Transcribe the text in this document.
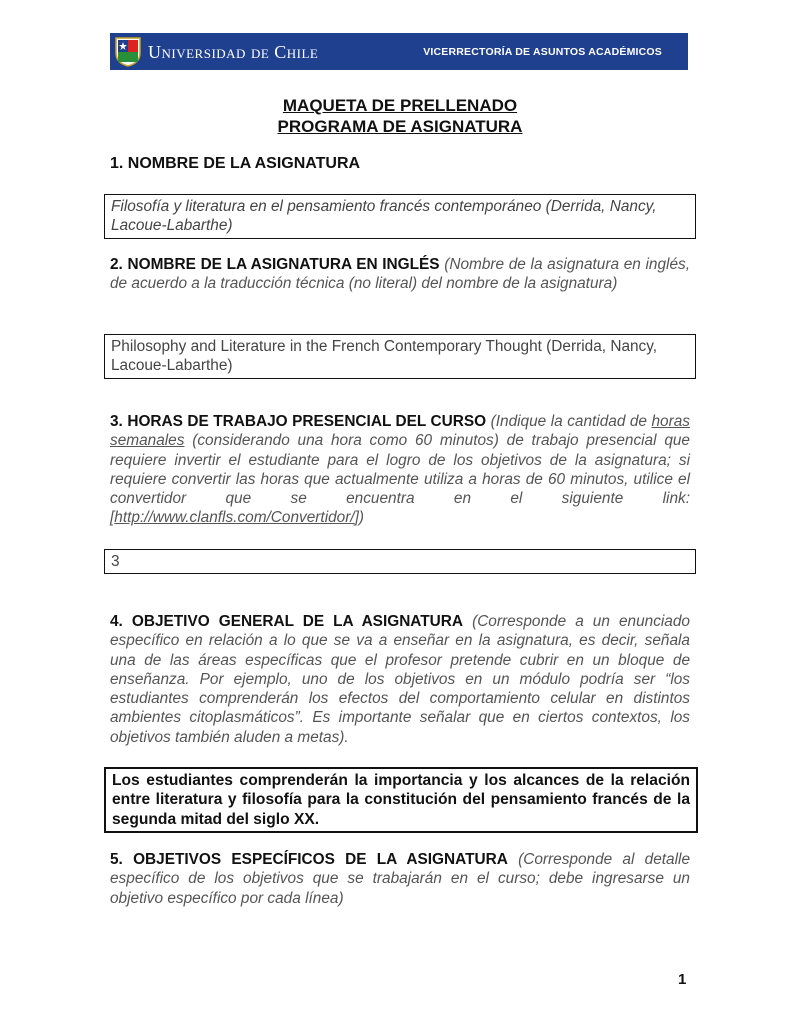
Universidad de Chile	VICERRECTORÍA DE ASUNTOS ACADÉMICOS
MAQUETA DE PRELLENADO
PROGRAMA DE ASIGNATURA
1. NOMBRE DE LA ASIGNATURA
Filosofía y literatura en el pensamiento francés contemporáneo (Derrida, Nancy, Lacoue-Labarthe)
2. NOMBRE DE LA ASIGNATURA EN INGLÉS (Nombre de la asignatura en inglés, de acuerdo a la traducción técnica (no literal) del nombre de la asignatura)
Philosophy and Literature in the French Contemporary Thought (Derrida, Nancy, Lacoue-Labarthe)
3. HORAS DE TRABAJO PRESENCIAL DEL CURSO (Indique la cantidad de horas semanales (considerando una hora como 60 minutos) de trabajo presencial que requiere invertir el estudiante para el logro de los objetivos de la asignatura; si requiere convertir las horas que actualmente utiliza a horas de 60 minutos, utilice el convertidor que se encuentra en el siguiente link: [http://www.clanfls.com/Convertidor/])
3
4. OBJETIVO GENERAL DE LA ASIGNATURA (Corresponde a un enunciado específico en relación a lo que se va a enseñar en la asignatura, es decir, señala una de las áreas específicas que el profesor pretende cubrir en un bloque de enseñanza. Por ejemplo, uno de los objetivos en un módulo podría ser “los estudiantes comprenderán los efectos del comportamiento celular en distintos ambientes citoplasmáticos”. Es importante señalar que en ciertos contextos, los objetivos también aluden a metas).
Los estudiantes comprenderán la importancia y los alcances de la relación entre literatura y filosofía para la constitución del pensamiento francés de la segunda mitad del siglo XX.
5. OBJETIVOS ESPECÍFICOS DE LA ASIGNATURA (Corresponde al detalle específico de los objetivos que se trabajarán en el curso; debe ingresarse un objetivo específico por cada línea)
1
